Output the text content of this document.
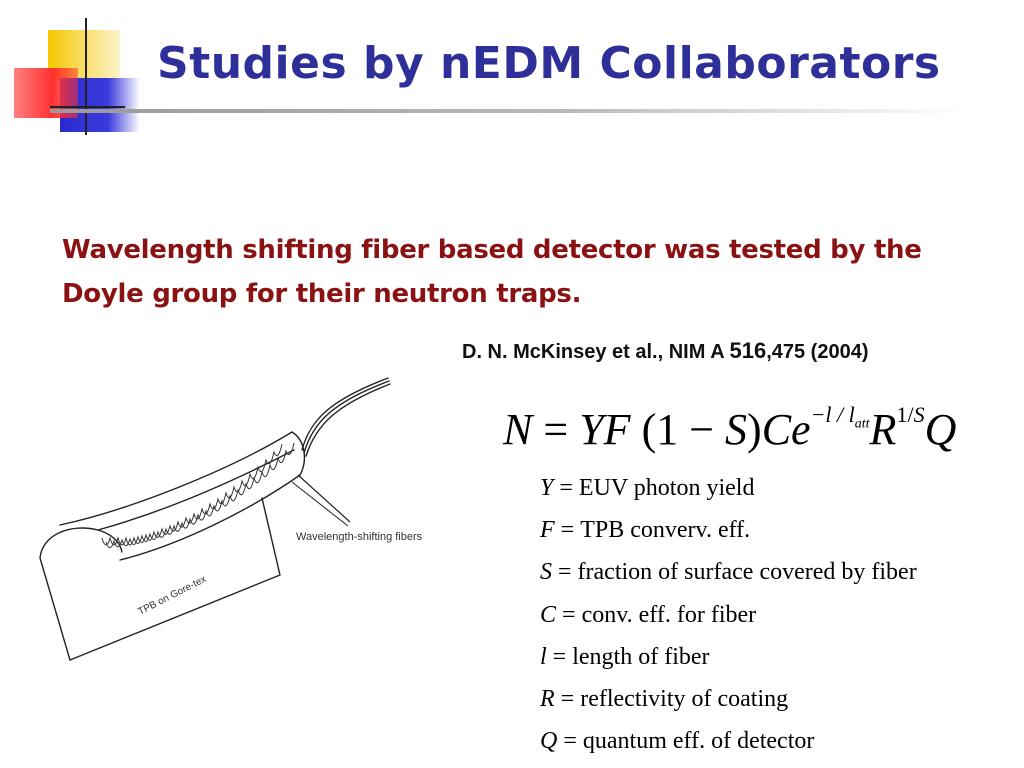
Studies by nEDM Collaborators
Wavelength shifting fiber based detector was tested by the Doyle group for their neutron traps.
D. N. McKinsey et al., NIM A 516,475 (2004)
Wavelength-shifting fibers
TPB on Gore-tex
N = YF $(1 - S)Ce^{-l / l_{att}}R^{1/S}Q$
Y = EUV photon yield
F = TPB converv. eff.
S = fraction of surface covered by fiber
C = conv. eff. for fiber
l = length of fiber
R = reflectivity of coating
Q = quantum eff. of detector
